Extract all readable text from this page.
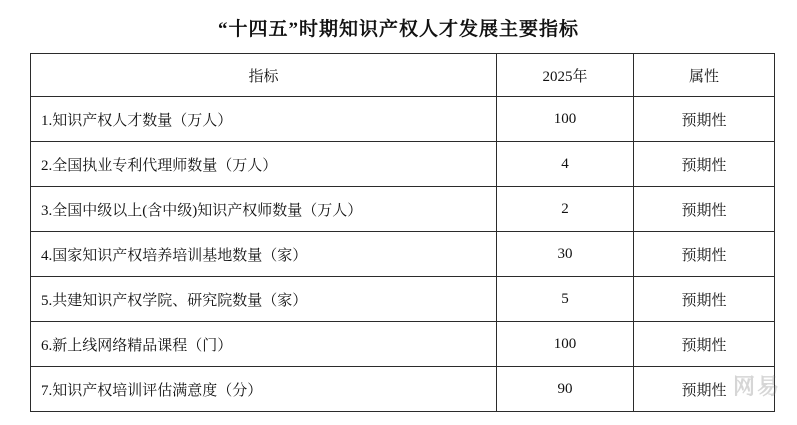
“十四五”时期知识产权人才发展主要指标
指标	2025年	属性
1.知识产权人才数量（万人）	100	预期性
2.全国执业专利代理师数量（万人）	4	预期性
3.全国中级以上(含中级)知识产权师数量（万人）	2	预期性
4.国家知识产权培养培训基地数量（家）	30	预期性
5.共建知识产权学院、研究院数量（家）	5	预期性
6.新上线网络精品课程（门）	100	预期性
7.知识产权培训评估满意度（分）	90	预期性 网易
